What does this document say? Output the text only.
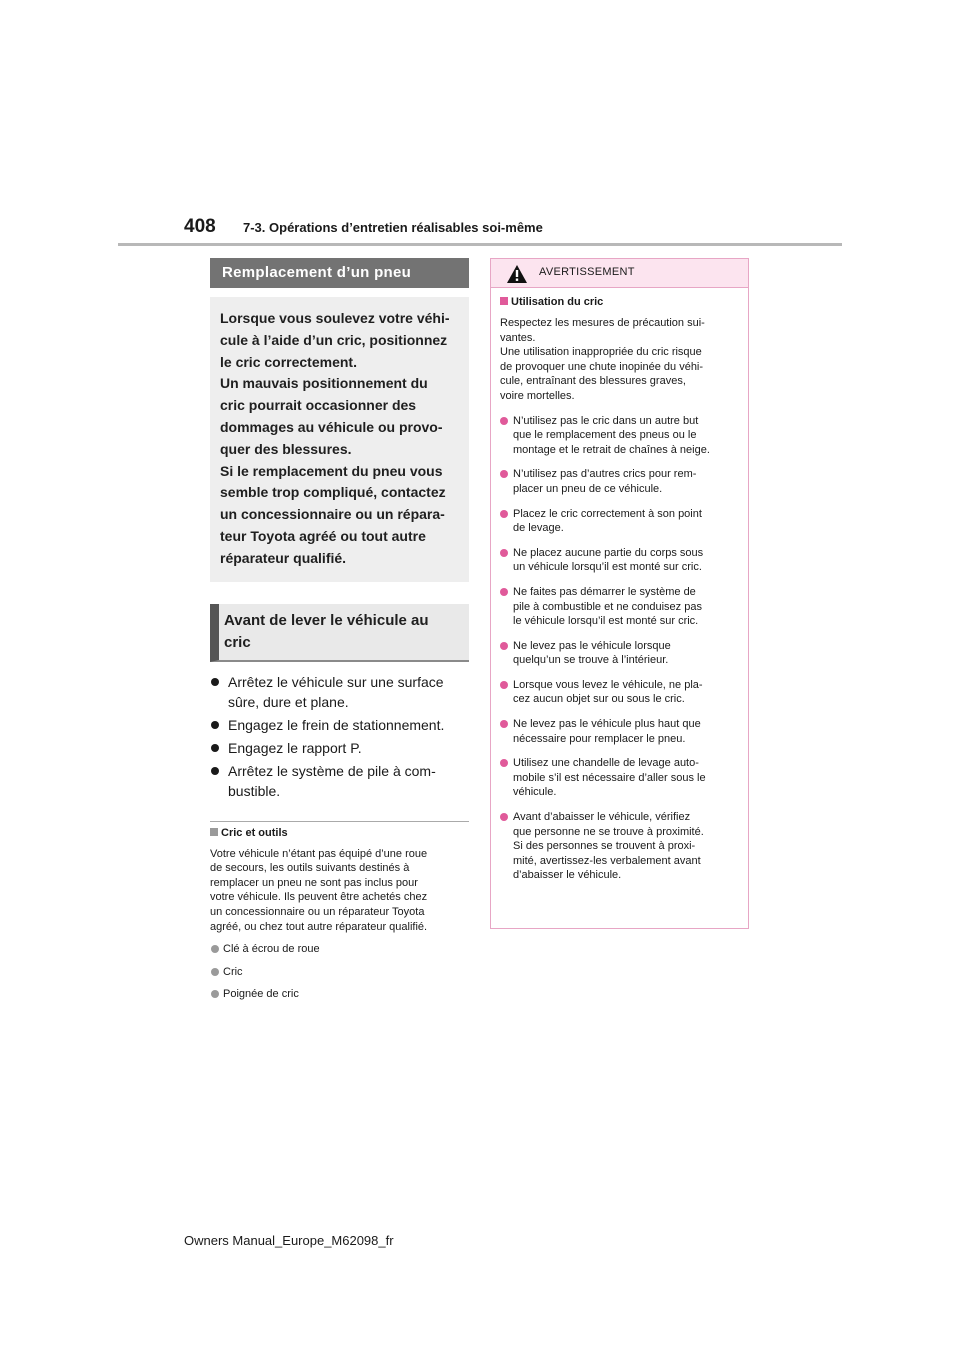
408 7-3. Opérations d’entretien réalisables soi-même
Remplacement d’un pneu
Lorsque vous soulevez votre véhi-
cule à l’aide d’un cric, positionnez
le cric correctement.
Un mauvais positionnement du
cric pourrait occasionner des
dommages au véhicule ou provo-
quer des blessures.
Si le remplacement du pneu vous
semble trop compliqué, contactez
un concessionnaire ou un répara-
teur Toyota agréé ou tout autre
réparateur qualifié.
Avant de lever le véhicule au
cric
Arrêtez le véhicule sur une surface
sûre, dure et plane.
Engagez le frein de stationnement.
Engagez le rapport P.
Arrêtez le système de pile à com-
bustible.
Cric et outils
Votre véhicule n’étant pas équipé d’une roue
de secours, les outils suivants destinés à
remplacer un pneu ne sont pas inclus pour
votre véhicule. Ils peuvent être achetés chez
un concessionnaire ou un réparateur Toyota
agréé, ou chez tout autre réparateur qualifié.
Clé à écrou de roue
Cric
Poignée de cric
AVERTISSEMENT
Utilisation du cric
Respectez les mesures de précaution sui-
vantes.
Une utilisation inappropriée du cric risque
de provoquer une chute inopinée du véhi-
cule, entraînant des blessures graves,
voire mortelles.
N’utilisez pas le cric dans un autre but
que le remplacement des pneus ou le
montage et le retrait de chaînes à neige.
N’utilisez pas d’autres crics pour rem-
placer un pneu de ce véhicule.
Placez le cric correctement à son point
de levage.
Ne placez aucune partie du corps sous
un véhicule lorsqu’il est monté sur cric.
Ne faites pas démarrer le système de
pile à combustible et ne conduisez pas
le véhicule lorsqu’il est monté sur cric.
Ne levez pas le véhicule lorsque
quelqu’un se trouve à l’intérieur.
Lorsque vous levez le véhicule, ne pla-
cez aucun objet sur ou sous le cric.
Ne levez pas le véhicule plus haut que
nécessaire pour remplacer le pneu.
Utilisez une chandelle de levage auto-
mobile s’il est nécessaire d’aller sous le
véhicule.
Avant d’abaisser le véhicule, vérifiez
que personne ne se trouve à proximité.
Si des personnes se trouvent à proxi-
mité, avertissez-les verbalement avant
d’abaisser le véhicule.
Owners Manual_Europe_M62098_fr
